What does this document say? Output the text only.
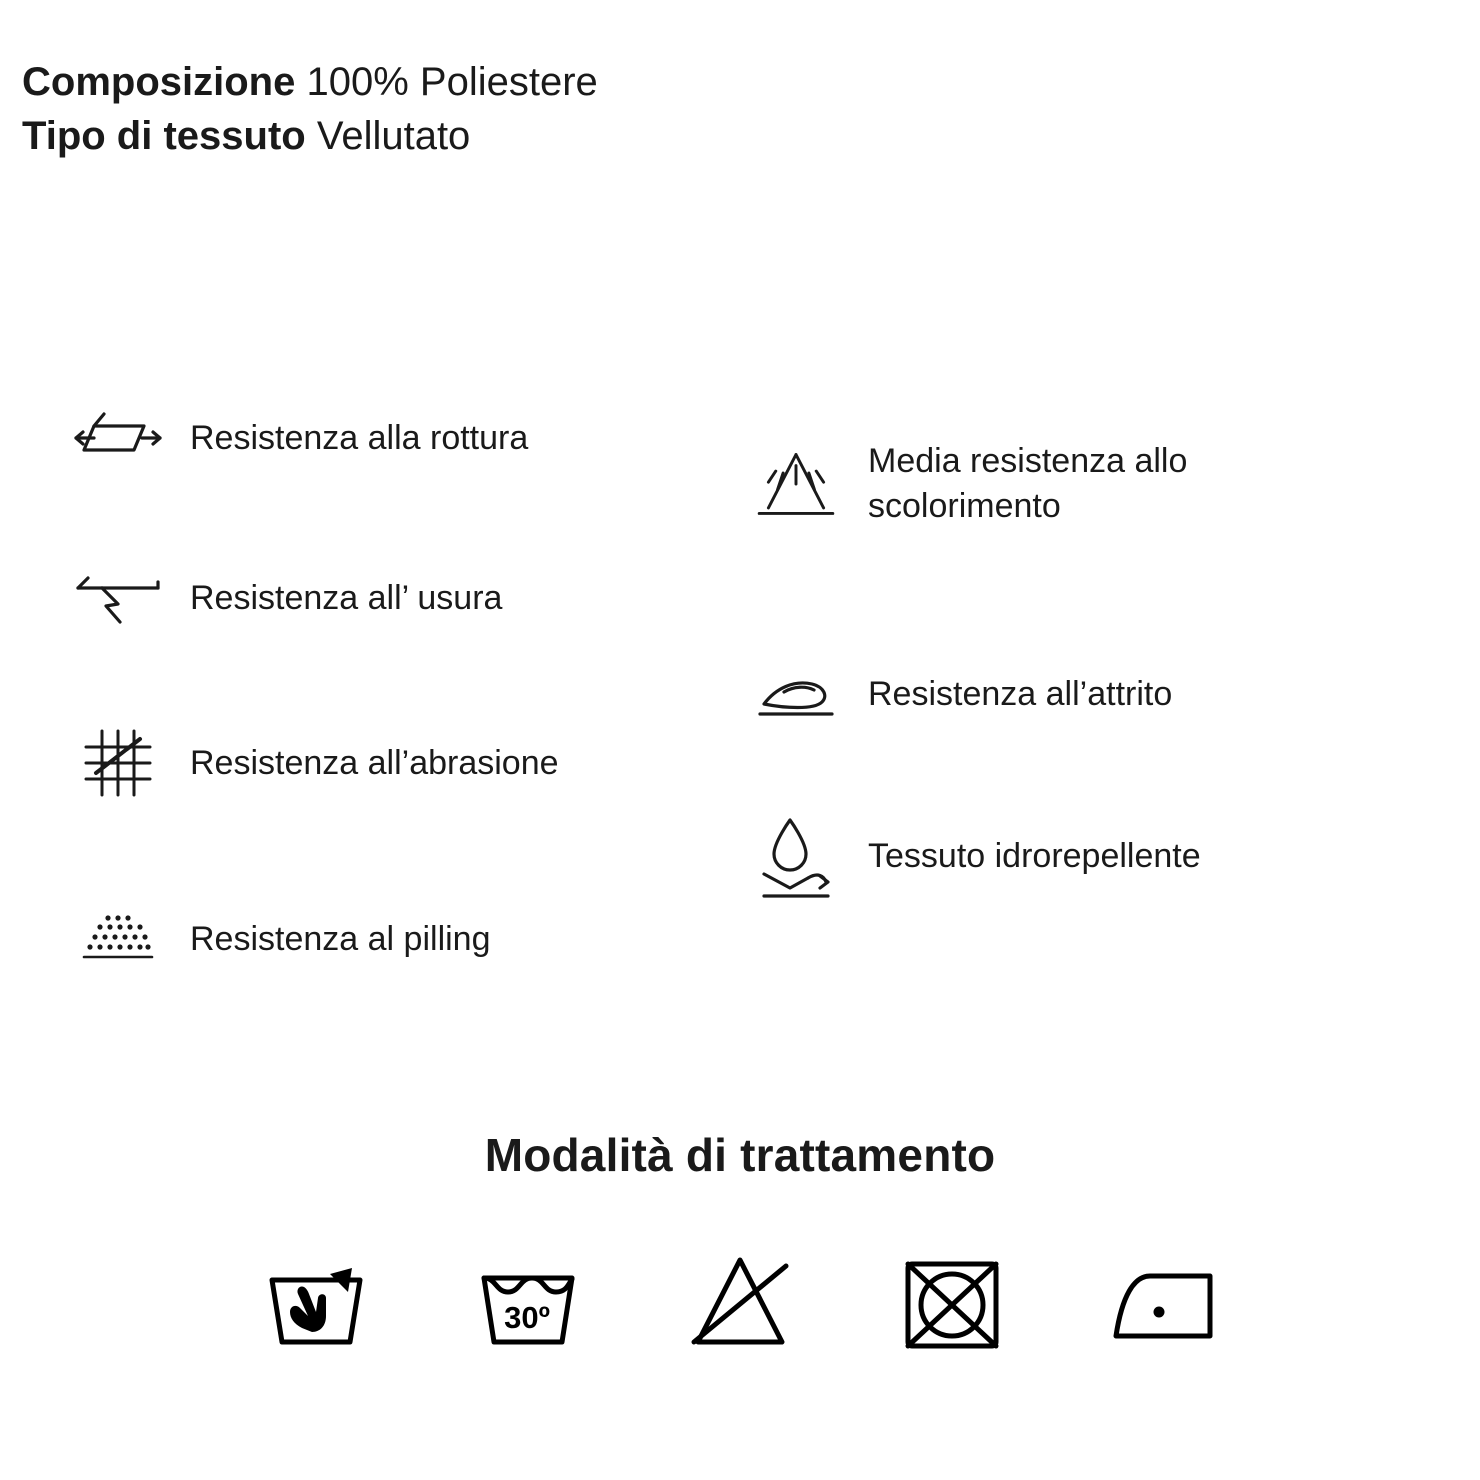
Composizione 100% Poliestere
Tipo di tessuto Vellutato
Resistenza alla rottura
Resistenza all’ usura
Resistenza all’abrasione
Resistenza al pilling
Media resistenza allo scolorimento
Resistenza all’attrito
Tessuto idrorepellente
Modalità di trattamento
30º
